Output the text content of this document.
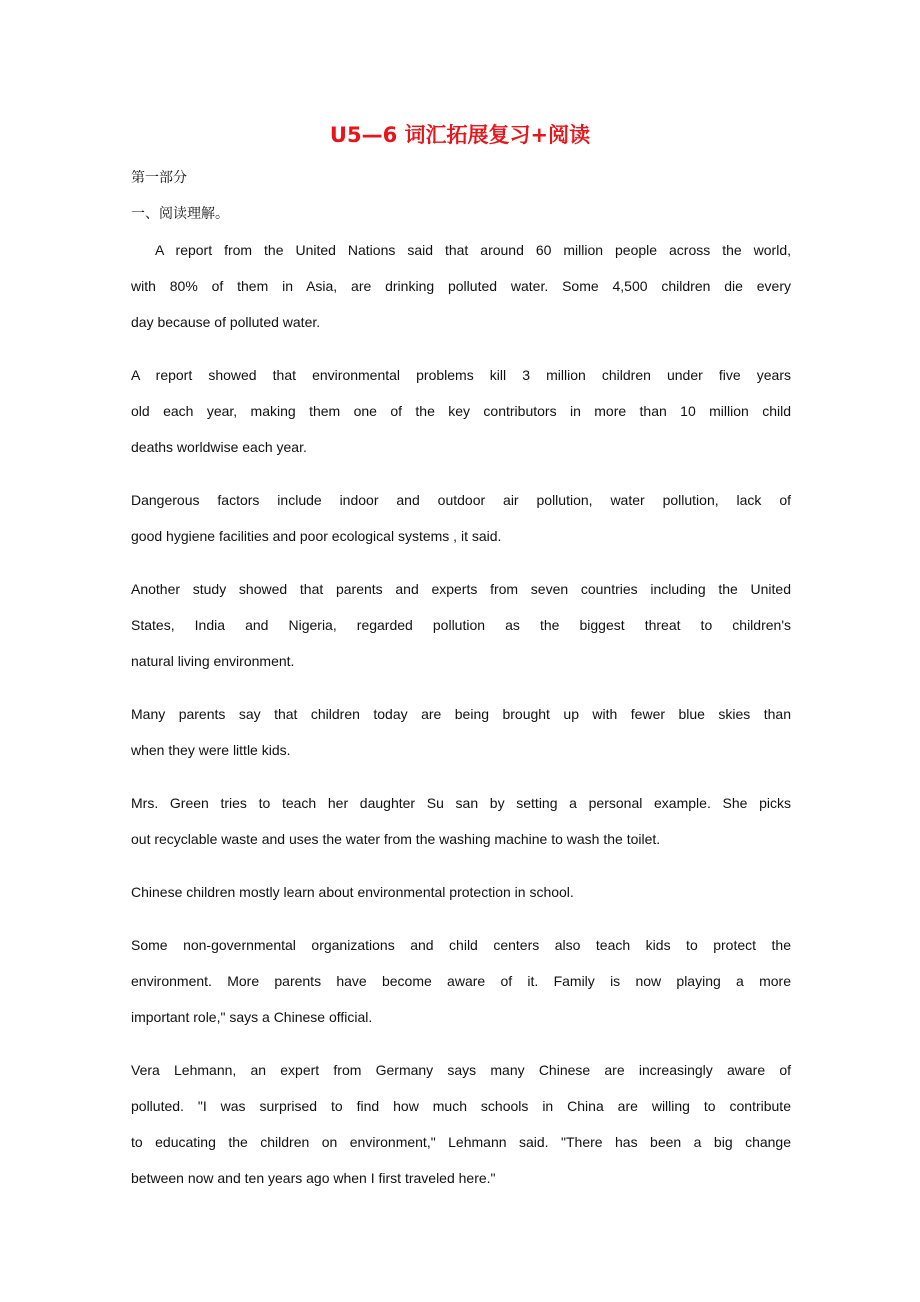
U5—6 词汇拓展复习+阅读
第一部分
一、阅读理解。
A report from the United Nations said that around 60 million people across the world,
with 80% of them in Asia, are drinking polluted water. Some 4,500 children die every
day because of polluted water.
A report showed that environmental problems kill 3 million children under five years
old each year, making them one of the key contributors in more than 10 million child
deaths worldwise each year.
Dangerous factors include indoor and outdoor air pollution, water pollution, lack of
good hygiene facilities and poor ecological systems , it said.
Another study showed that parents and experts from seven countries including the United
States, India and Nigeria, regarded pollution as the biggest threat to children's
natural living environment.
Many parents say that children today are being brought up with fewer blue skies than
when they were little kids.
Mrs. Green tries to teach her daughter Su san by setting a personal example. She picks
out recyclable waste and uses the water from the washing machine to wash the toilet.
Chinese children mostly learn about environmental protection in school.
Some non-governmental organizations and child centers also teach kids to protect the
environment. More parents have become aware of it. Family is now playing a more
important role," says a Chinese official.
Vera Lehmann, an expert from Germany says many Chinese are increasingly aware of
polluted. "I was surprised to find how much schools in China are willing to contribute
to educating the children on environment," Lehmann said. "There has been a big change
between now and ten years ago when I first traveled here."
